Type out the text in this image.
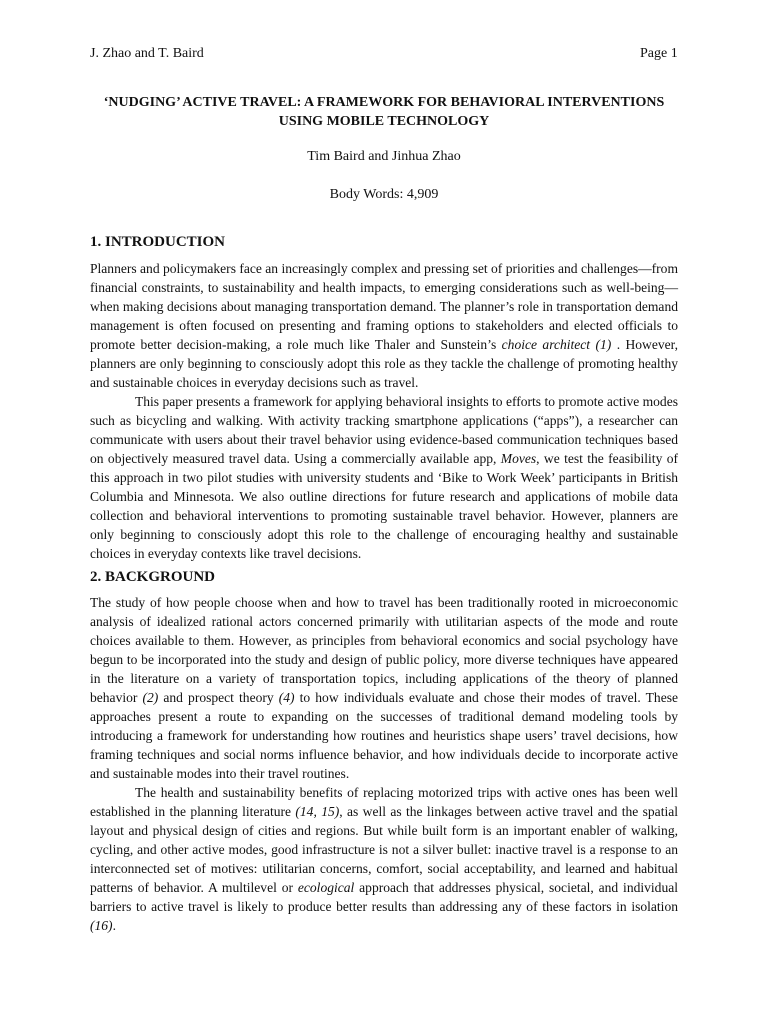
J. Zhao and T. Baird	Page 1
‘NUDGING’ ACTIVE TRAVEL: A FRAMEWORK FOR BEHAVIORAL INTERVENTIONS
USING MOBILE TECHNOLOGY
Tim Baird and Jinhua Zhao
Body Words: 4,909
1. INTRODUCTION

Planners and policymakers face an increasingly complex and pressing set of priorities and challenges—from financial constraints, to sustainability and health impacts, to emerging considerations such as well-being—when making decisions about managing transportation demand. The planner’s role in transportation demand management is often focused on presenting and framing options to stakeholders and elected officials to promote better decision-making, a role much like Thaler and Sunstein’s choice architect (1) . However, planners are only beginning to consciously adopt this role as they tackle the challenge of promoting healthy and sustainable choices in everyday decisions such as travel.

This paper presents a framework for applying behavioral insights to efforts to promote active modes such as bicycling and walking. With activity tracking smartphone applications (“apps”), a researcher can communicate with users about their travel behavior using evidence-based communication techniques based on objectively measured travel data. Using a commercially available app, Moves, we test the feasibility of this approach in two pilot studies with university students and ‘Bike to Work Week’ participants in British Columbia and Minnesota. We also outline directions for future research and applications of mobile data collection and behavioral interventions to promoting sustainable travel behavior. However, planners are only beginning to consciously adopt this role to the challenge of encouraging healthy and sustainable choices in everyday contexts like travel decisions.

2. BACKGROUND

The study of how people choose when and how to travel has been traditionally rooted in microeconomic analysis of idealized rational actors concerned primarily with utilitarian aspects of the mode and route choices available to them. However, as principles from behavioral economics and social psychology have begun to be incorporated into the study and design of public policy, more diverse techniques have appeared in the literature on a variety of transportation topics, including applications of the theory of planned behavior (2) and prospect theory (4) to how individuals evaluate and chose their modes of travel. These approaches present a route to expanding on the successes of traditional demand modeling tools by introducing a framework for understanding how routines and heuristics shape users’ travel decisions, how framing techniques and social norms influence behavior, and how individuals decide to incorporate active and sustainable modes into their travel routines.

The health and sustainability benefits of replacing motorized trips with active ones has been well established in the planning literature (14, 15), as well as the linkages between active travel and the spatial layout and physical design of cities and regions. But while built form is an important enabler of walking, cycling, and other active modes, good infrastructure is not a silver bullet: inactive travel is a response to an interconnected set of motives: utilitarian concerns, comfort, social acceptability, and learned and habitual patterns of behavior. A multilevel or ecological approach that addresses physical, societal, and individual barriers to active travel is likely to produce better results than addressing any of these factors in isolation (16).
